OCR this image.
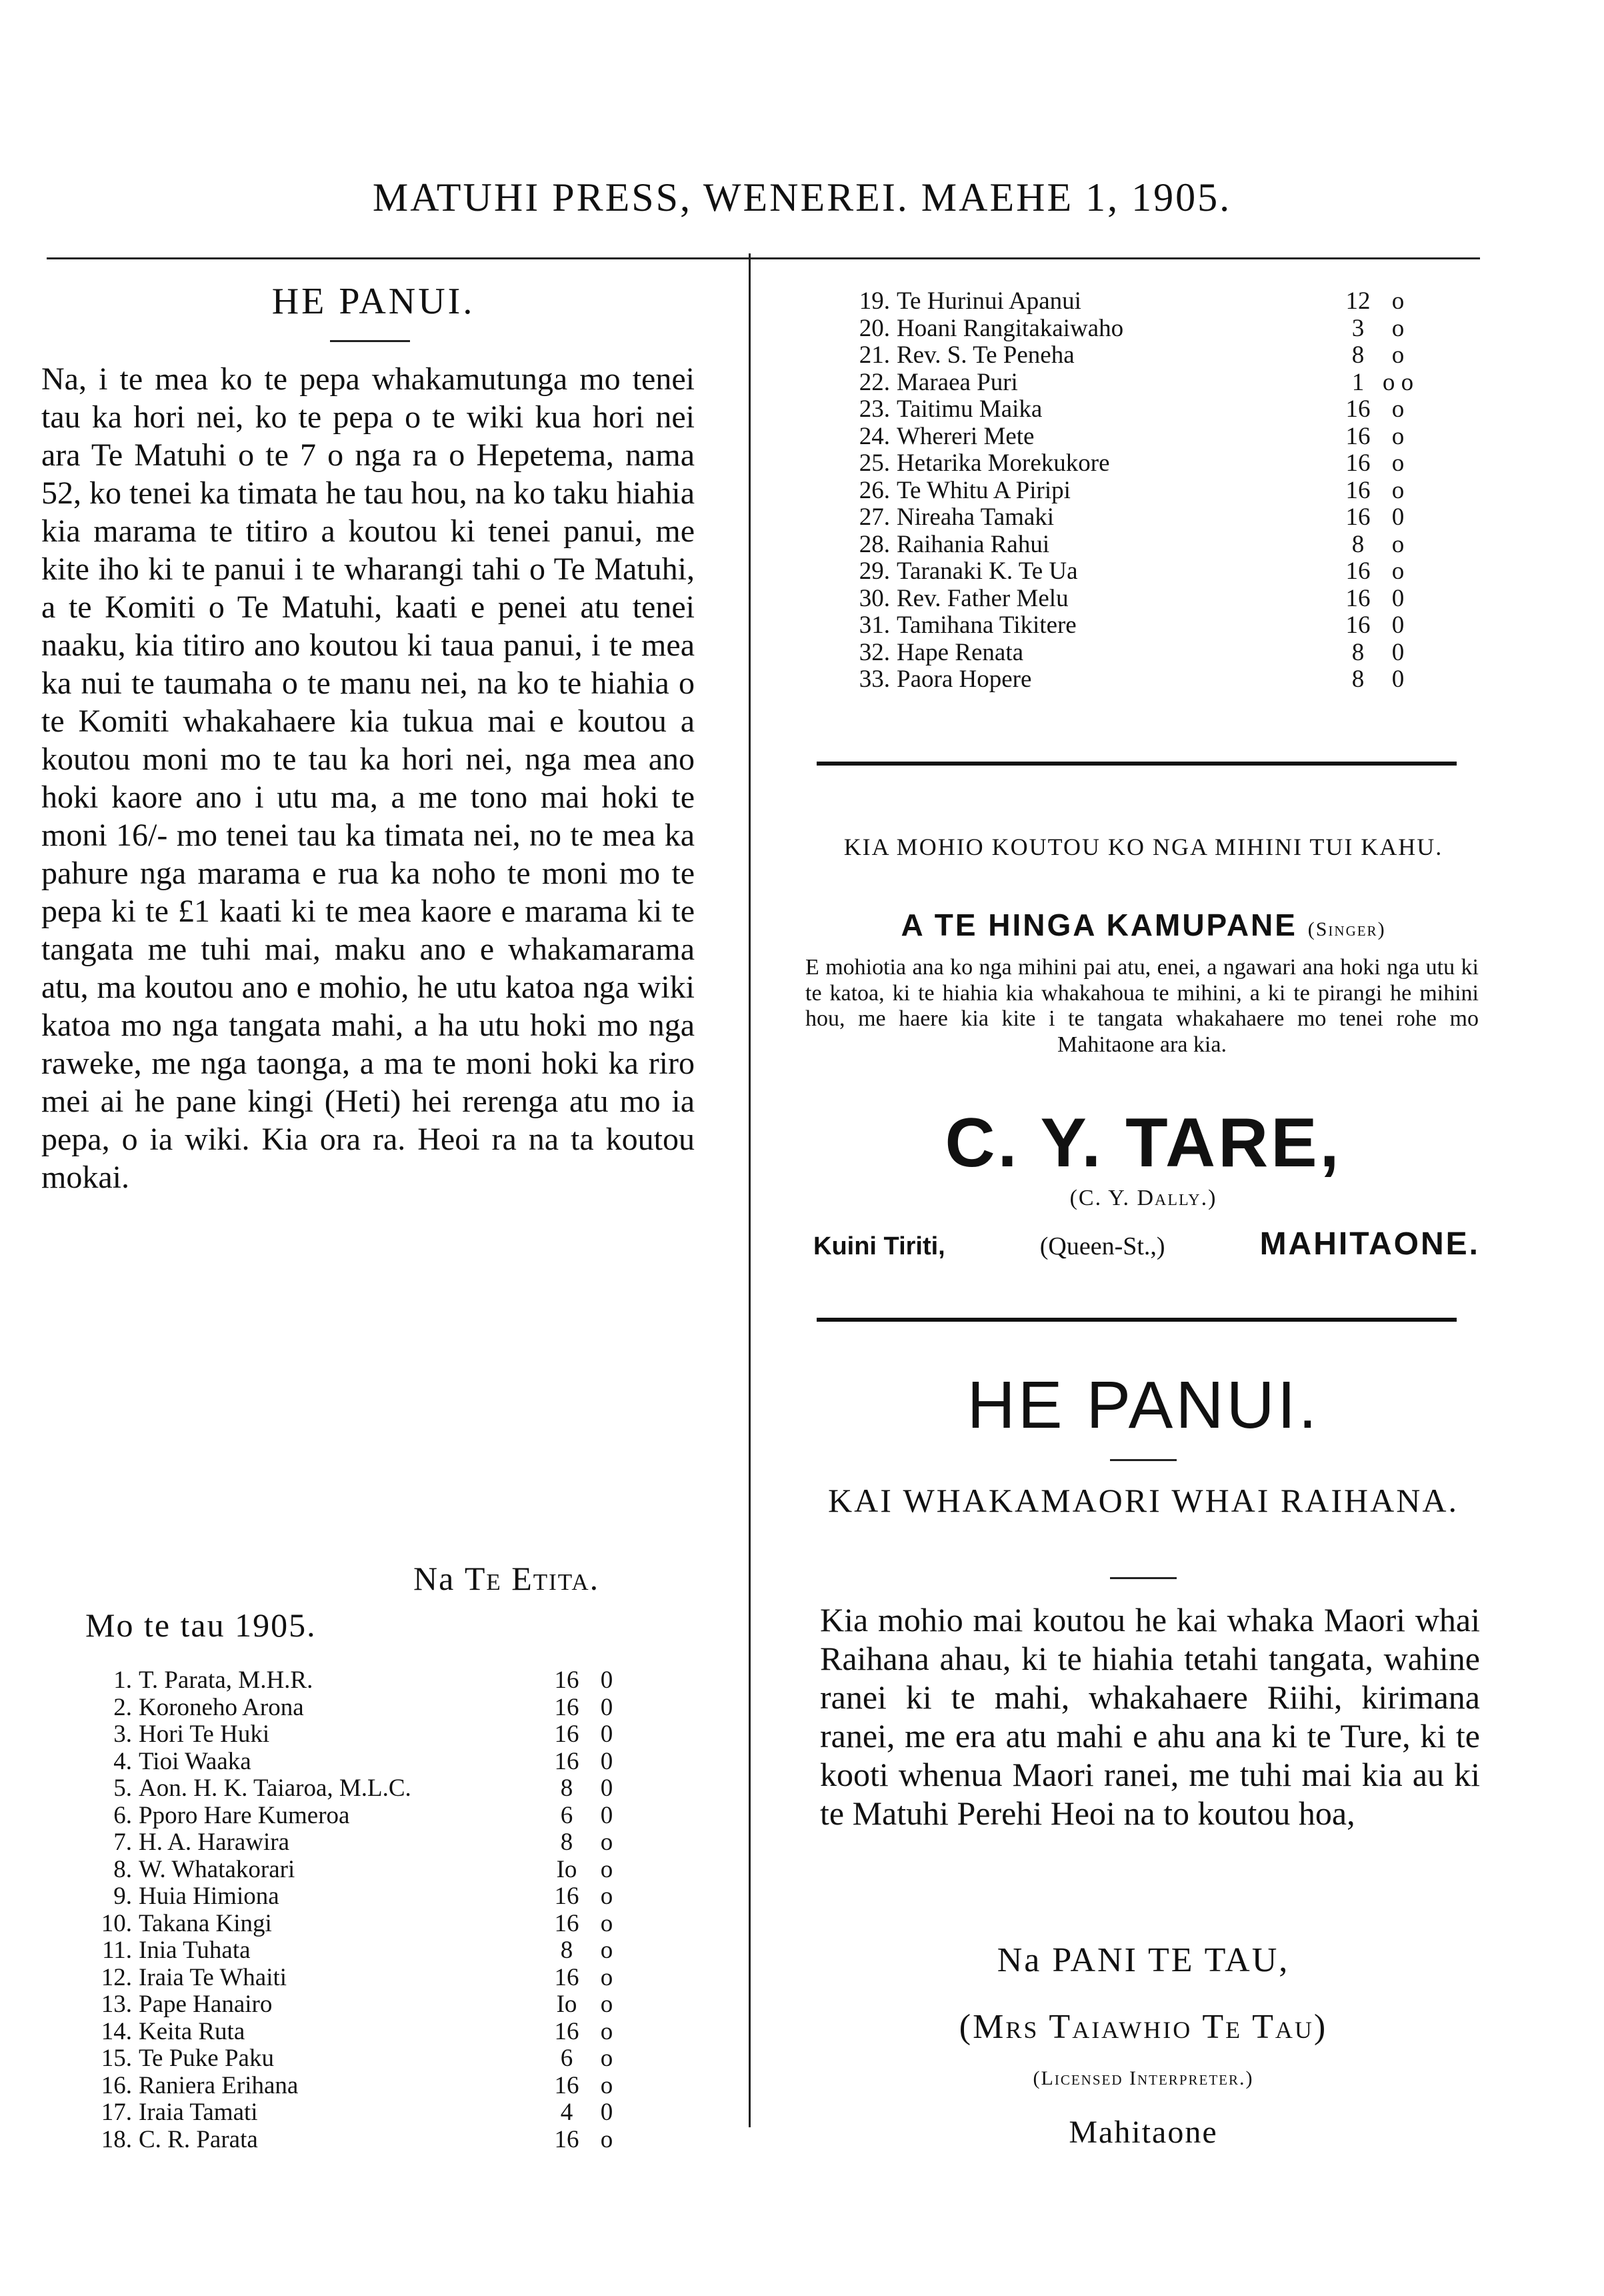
MATUHI PRESS, WENEREI. MAEHE 1, 1905.
HE PANUI.

Na, i te mea ko te pepa whakamutunga mo tenei tau ka hori nei, ko te pepa o te wiki kua hori nei ara Te Matuhi o te 7 o nga ra o Hepetema, nama 52, ko tenei ka timata he tau hou, na ko taku hiahia kia marama te titiro a koutou ki tenei panui, me kite iho ki te panui i te wharangi tahi o Te Matuhi, a te Komiti o Te Matuhi, kaati e penei atu tenei naaku, kia titiro ano koutou ki taua panui, i te mea ka nui te taumaha o te manu nei, na ko te hiahia o te Komiti whakahaere kia tukua mai e koutou a koutou moni mo te tau ka hori nei, nga mea ano hoki kaore ano i utu ma, a me tono mai hoki te moni 16/- mo tenei tau ka timata nei, no te mea ka pahure nga marama e rua ka noho te moni mo te pepa ki te £1 kaati ki te mea kaore e marama ki te tangata me tuhi mai, maku ano e whakamarama atu, ma koutou ano e mohio, he utu katoa nga wiki katoa mo nga tangata mahi, a ha utu hoki mo nga raweke, me nga taonga, a ma te moni hoki ka riro mei ai he pane kingi (Heti) hei rerenga atu mo ia pepa, o ia wiki. Kia ora ra. Heoi ra na ta koutou mokai.

Na Te Etita.
Mo te tau 1905.
1. T. Parata, M.H.R.	16 0
2. Koroneho Arona	16 0
3. Hori Te Huki	16 0
4. Tioi Waaka	16 0
5. Aon. H. K. Taiaroa, M.L.C.	8	0
6. Pporo Hare Kumeroa	6	0
7. H. A. Harawira	8	o
8. W. Whatakorari	Io o
9. Huia Himiona	16 o
10. Takana Kingi	16 o
11. Inia Tuhata	8	o
12. Iraia Te Whaiti	16 o
13. Pape Hanairo	Io o
14. Keita Ruta	16 o
15. Te Puke Paku	6	o
16. Raniera Erihana	16 o
17. Iraia Tamati	4	0
18. C. R. Parata	16 o
19. Te Hurinui Apanui	12 o
20. Hoani Rangitakaiwaho	3	o
21. Rev. S. Te Peneha	8	o
22. Maraea Puri	1 o o
23. Taitimu Maika	16 o
24. Whereri Mete	16 o
25. Hetarika Morekukore	16 o
26. Te Whitu A Piripi	16 o
27. Nireaha Tamaki	16 0
28. Raihania Rahui	8	o
29. Taranaki K. Te Ua	16 o
30. Rev. Father Melu	16 0
31. Tamihana Tikitere	16 0
32. Hape Renata	8	0
33. Paora Hopere	8	0
KIA MOHIO KOUTOU KO NGA MIHINI TUI KAHU.
A TE HINGA KAMUPANE (Singer)
E mohiotia ana ko nga mihini pai atu, enei, a ngawari ana hoki nga utu ki te katoa, ki te hiahia kia whakahoua te mihini, a ki te pirangi he mihini hou, me haere kia kite i te tangata whakahaere mo tenei rohe mo Mahitaone ara kia.
C. Y. TARE,
(C. Y. Dally.)
Kuini Tiriti,	(Queen-St.,)	MAHITAONE.
HE PANUI.
KAI WHAKAMAORI WHAI RAIHANA.
Kia mohio mai koutou he kai whaka Maori whai Raihana ahau, ki te hiahia tetahi tangata, wahine ranei ki te mahi, whakahaere Riihi, kirimana ranei, me era atu mahi e ahu ana ki te Ture, ki te kooti whenua Maori ranei, me tuhi mai kia au ki te Matuhi Perehi Heoi na to koutou hoa,
Na PANI TE TAU,
(Mrs Taiawhio Te Tau)
(Licensed Interpreter.)
Mahitaone
